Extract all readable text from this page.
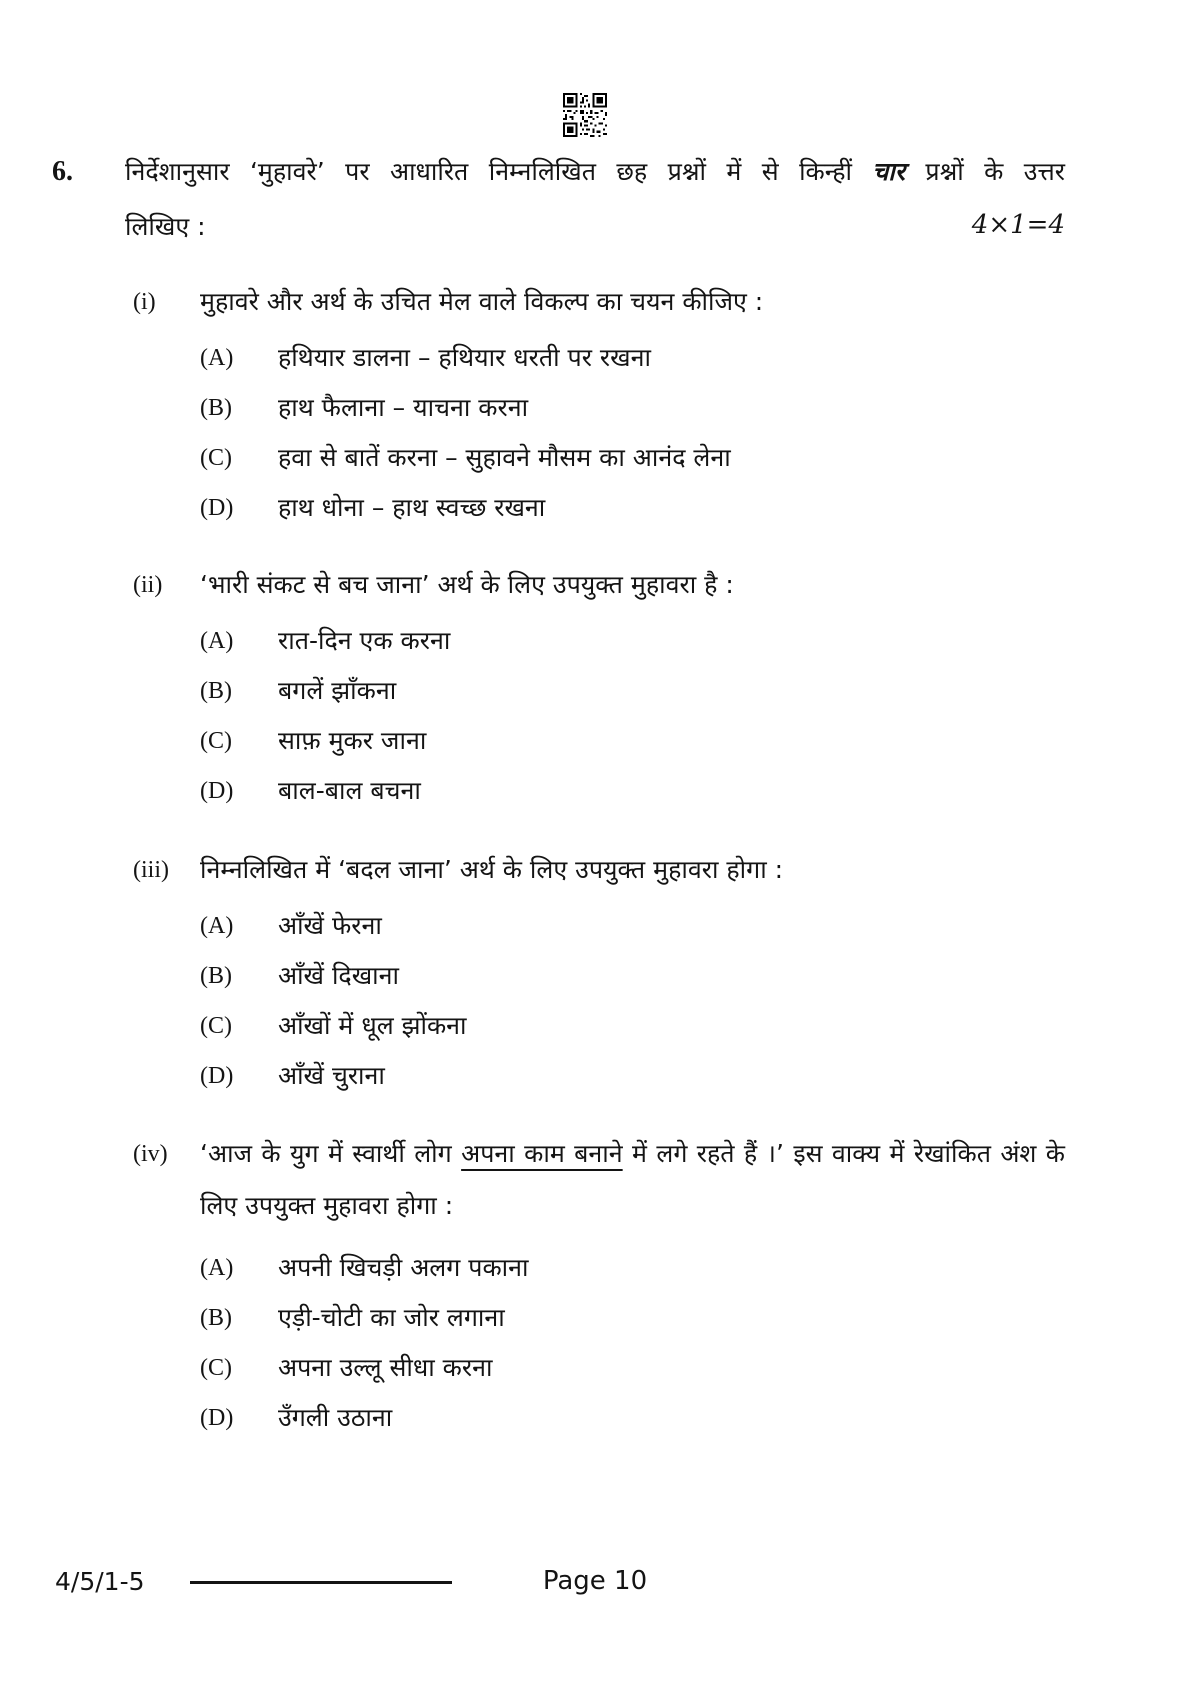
6. निर्देशानुसार ‘मुहावरे’ पर आधारित निम्नलिखित छह प्रश्नों में से किन्हीं चार प्रश्नों के उत्तर
लिखिए :	4×1=4
(i)	मुहावरे और अर्थ के उचित मेल वाले विकल्प का चयन कीजिए :
(A)	हथियार डालना – हथियार धरती पर रखना
(B)	हाथ फैलाना – याचना करना
(C)	हवा से बातें करना – सुहावने मौसम का आनंद लेना
(D)	हाथ धोना – हाथ स्वच्छ रखना
(ii)	‘भारी संकट से बच जाना’ अर्थ के लिए उपयुक्त मुहावरा है :
(A)	रात-दिन एक करना
(B)	बगलें झाँकना
(C)	साफ़ मुकर जाना
(D)	बाल-बाल बचना
(iii)	निम्नलिखित में ‘बदल जाना’ अर्थ के लिए उपयुक्त मुहावरा होगा :
(A)	आँखें फेरना
(B)	आँखें दिखाना
(C)	आँखों में धूल झोंकना
(D)	आँखें चुराना
(iv)	‘आज के युग में स्वार्थी लोग अपना काम बनाने में लगे रहते हैं ।’ इस वाक्य में रेखांकित अंश के लिए उपयुक्त मुहावरा होगा :
(A)	अपनी खिचड़ी अलग पकाना
(B)	एड़ी-चोटी का जोर लगाना
(C)	अपना उल्लू सीधा करना
(D)	उँगली उठाना
4/5/1-5	Page 10
